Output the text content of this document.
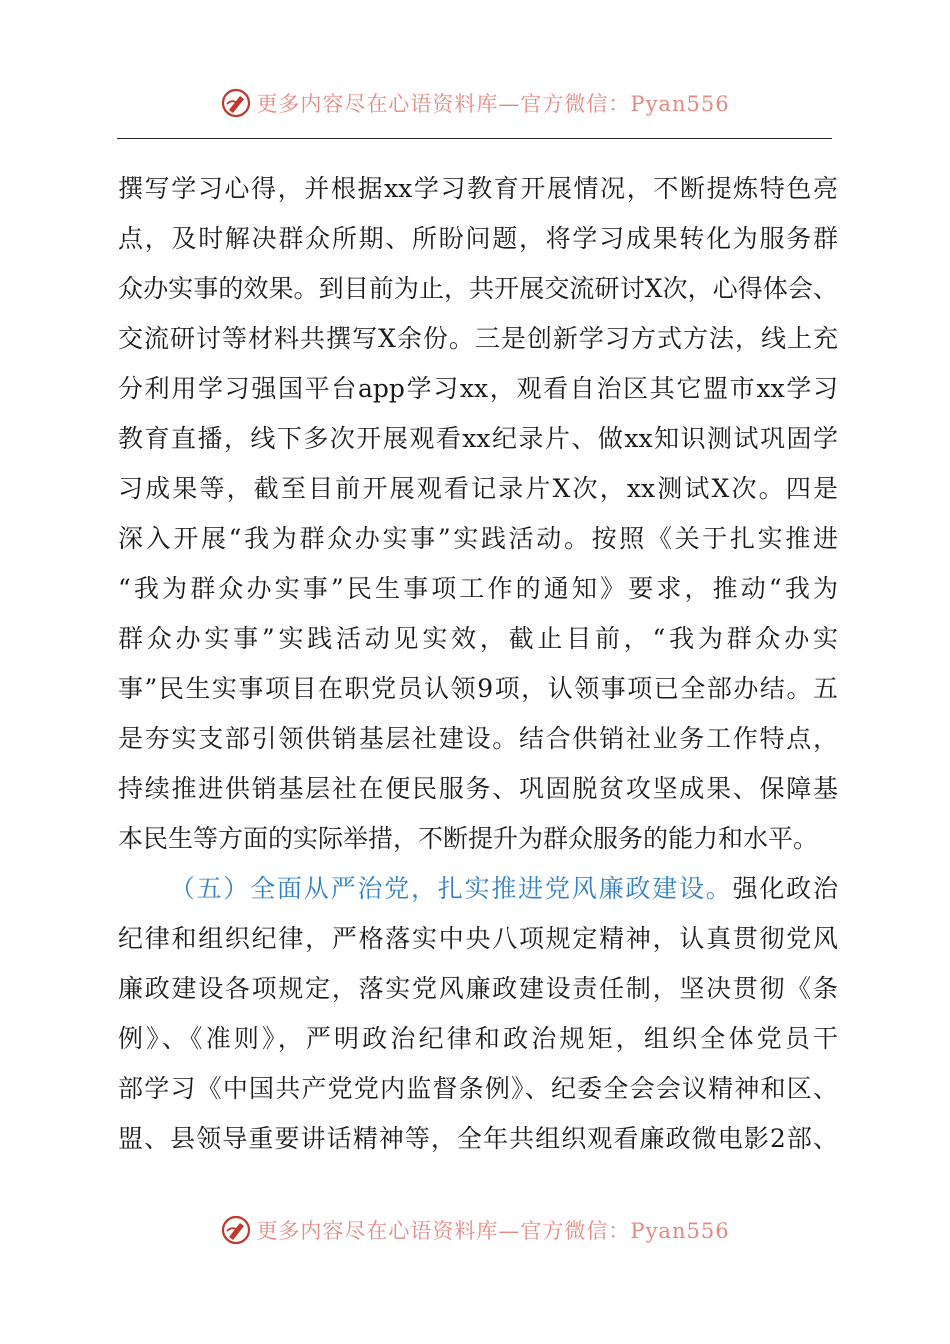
更多内容尽在心语资料库—官方微信：Pyan556
撰写学习心得，并根据xx学习教育开展情况，不断提炼特色亮
点，及时解决群众所期、所盼问题，将学习成果转化为服务群
众办实事的效果。到目前为止，共开展交流研讨X次，心得体会、
交流研讨等材料共撰写X余份。三是创新学习方式方法，线上充
分利用学习强国平台app学习xx，观看自治区其它盟市xx学习
教育直播，线下多次开展观看xx纪录片、做xx知识测试巩固学
习成果等，截至目前开展观看记录片X次，xx测试X次。四是
深入开展“我为群众办实事”实践活动。按照《关于扎实推进
“我为群众办实事”民生事项工作的通知》要求，推动“我为
群众办实事”实践活动见实效，截止目前，“我为群众办实
事”民生实事项目在职党员认领9项，认领事项已全部办结。五
是夯实支部引领供销基层社建设。结合供销社业务工作特点，
持续推进供销基层社在便民服务、巩固脱贫攻坚成果、保障基
本民生等方面的实际举措，不断提升为群众服务的能力和水平。
（五）全面从严治党，扎实推进党风廉政建设。强化政治
纪律和组织纪律，严格落实中央八项规定精神，认真贯彻党风
廉政建设各项规定，落实党风廉政建设责任制，坚决贯彻《条
例》、《准则》，严明政治纪律和政治规矩，组织全体党员干
部学习《中国共产党党内监督条例》、纪委全会会议精神和区、
盟、县领导重要讲话精神等，全年共组织观看廉政微电影2部、
更多内容尽在心语资料库—官方微信：Pyan556
